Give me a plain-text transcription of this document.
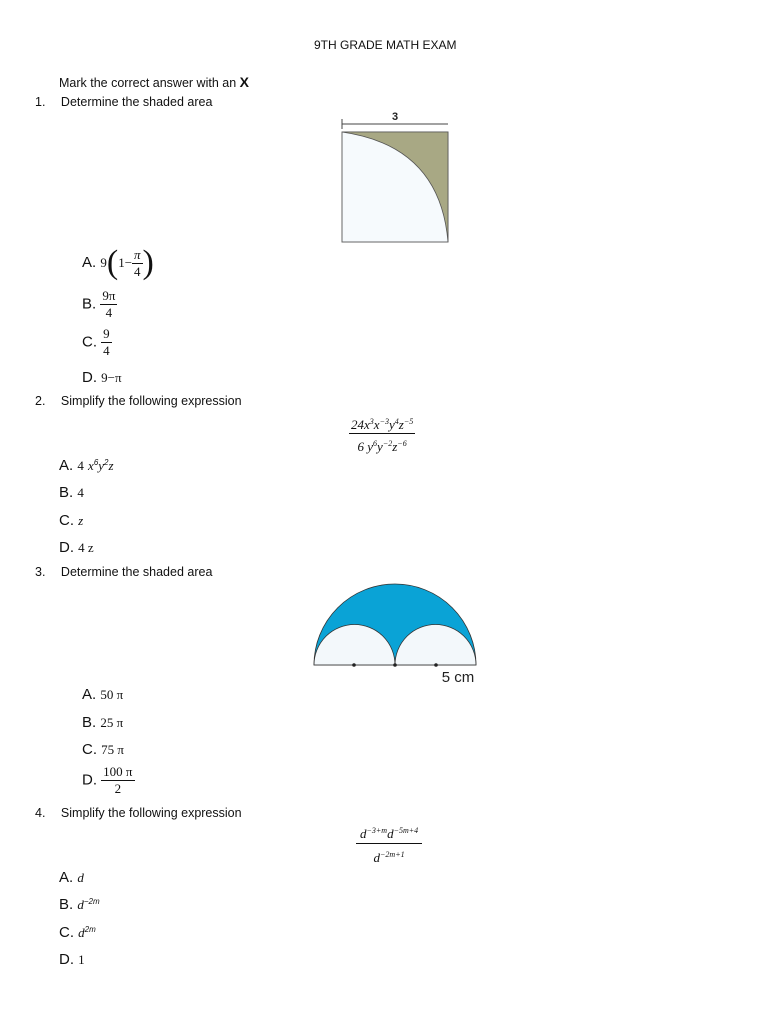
9TH GRADE MATH EXAM
Mark the correct answer with an X
1. Determine the shaded area
3
A. $9(1- \frac{\pi}{4}$ )
B. $\frac{9\pi}{4}$
C. $\frac{9}{4}$
D. 9−π
2. Simplify the following expression
$\frac{24x^3x^{-3}y^4z^{-5}}{6 y^6y^{-2}z^{-6}}$
A. 4 $x^6y^2z$
B. 4
C. z
D. 4 z
3. Determine the shaded area
5 cm
A. 50 π
B. 25 π
C. 75 π
D. $\frac{100 \pi}{2}$
4. Simplify the following expression
$\frac{d^{-3+m}d^{-5m+4}}{d^{-2m+1}}$
A. d
B. $d^{-2m}$
C. $d^{2m}$
D. 1
